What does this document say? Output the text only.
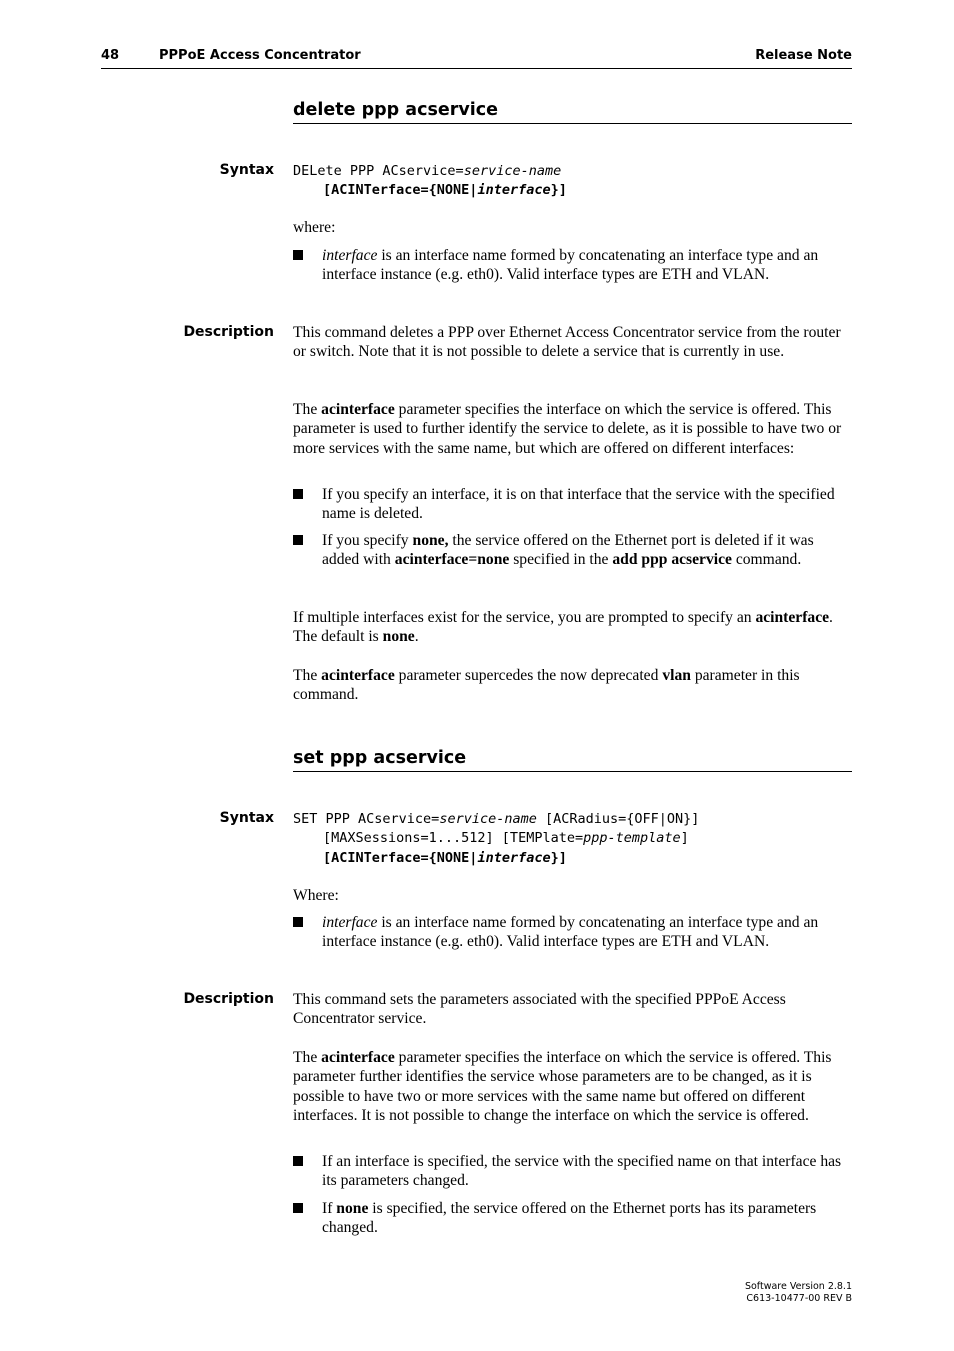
48	PPPoE Access Concentrator	Release Note
delete ppp acservice
Syntax DELete PPP ACservice=service-name
[ACINTerface={NONE|interface}]
where:
interface is an interface name formed by concatenating an interface type and an interface instance (e.g. eth0). Valid interface types are ETH and VLAN.
Description This command deletes a PPP over Ethernet Access Concentrator service from the router or switch. Note that it is not possible to delete a service that is currently in use.
The acinterface parameter specifies the interface on which the service is offered. This parameter is used to further identify the service to delete, as it is possible to have two or more services with the same name, but which are offered on different interfaces:
If you specify an interface, it is on that interface that the service with the specified name is deleted.
If you specify none, the service offered on the Ethernet port is deleted if it was added with acinterface=none specified in the add ppp acservice command.
If multiple interfaces exist for the service, you are prompted to specify an acinterface. The default is none.
The acinterface parameter supercedes the now deprecated vlan parameter in this command.
set ppp acservice
Syntax SET PPP ACservice=service-name [ACRadius={OFF|ON}]
[MAXSessions=1...512] [TEMPlate=ppp-template]
[ACINTerface={NONE|interface}]
Where:
interface is an interface name formed by concatenating an interface type and an interface instance (e.g. eth0). Valid interface types are ETH and VLAN.
Description This command sets the parameters associated with the specified PPPoE Access Concentrator service.
The acinterface parameter specifies the interface on which the service is offered. This parameter further identifies the service whose parameters are to be changed, as it is possible to have two or more services with the same name but offered on different interfaces. It is not possible to change the interface on which the service is offered.
If an interface is specified, the service with the specified name on that interface has its parameters changed.
If none is specified, the service offered on the Ethernet ports has its parameters changed.
Software Version 2.8.1
C613-10477-00 REV B
